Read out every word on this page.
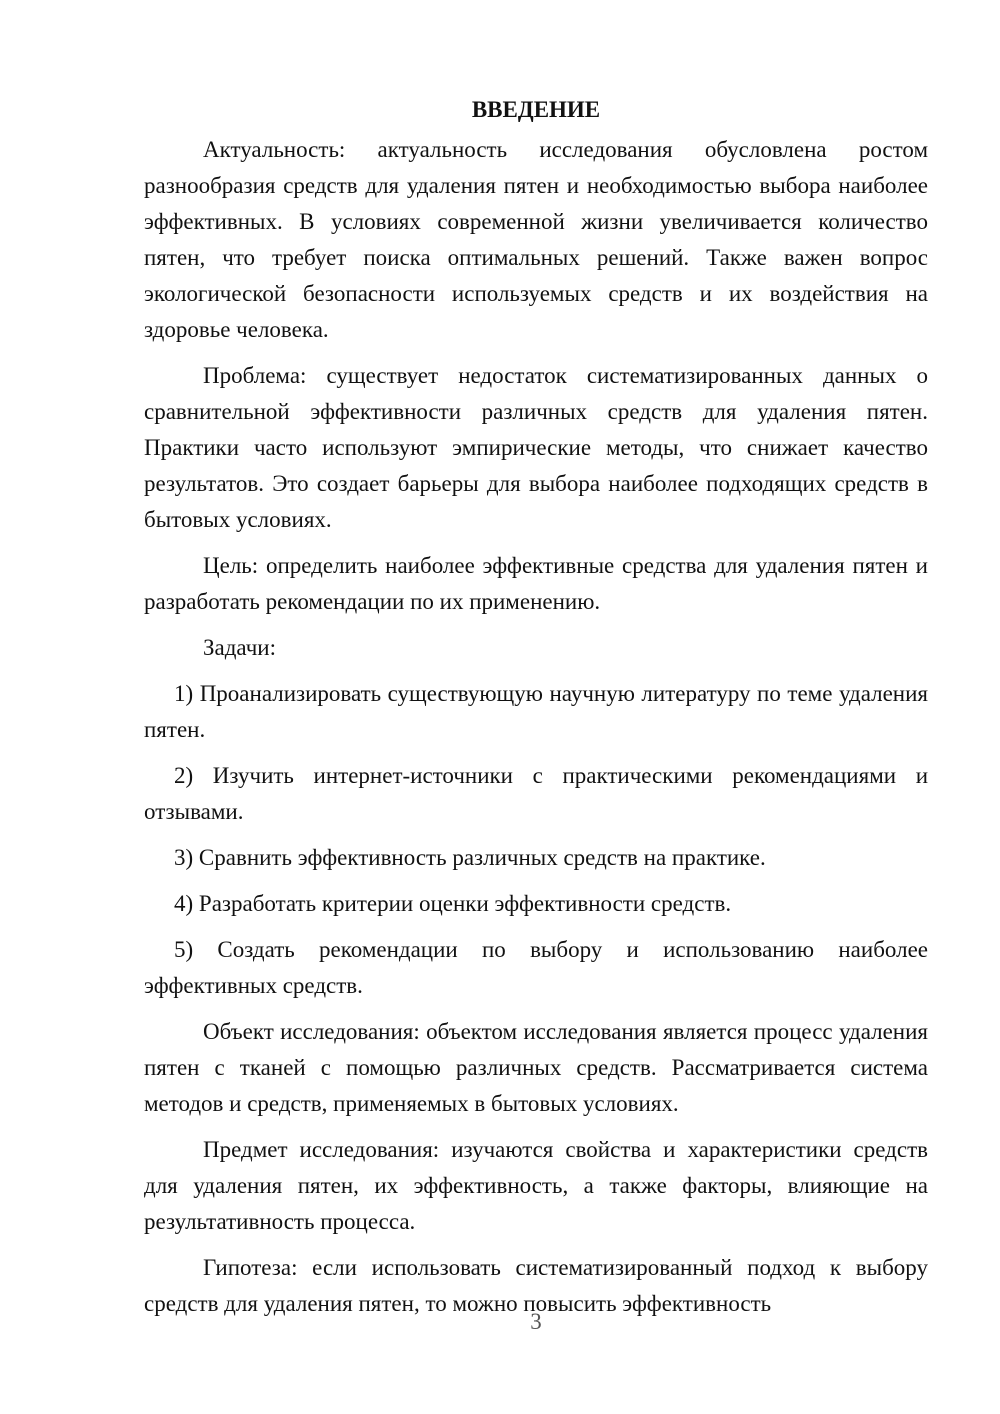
ВВЕДЕНИЕ

Актуальность: актуальность исследования обусловлена ростом разнообразия средств для удаления пятен и необходимостью выбора наиболее эффективных. В условиях современной жизни увеличивается количество пятен, что требует поиска оптимальных решений. Также важен вопрос экологической безопасности используемых средств и их воздействия на здоровье человека.

Проблема: существует недостаток систематизированных данных о сравнительной эффективности различных средств для удаления пятен. Практики часто используют эмпирические методы, что снижает качество результатов. Это создает барьеры для выбора наиболее подходящих средств в бытовых условиях.

Цель: определить наиболее эффективные средства для удаления пятен и разработать рекомендации по их применению.

Задачи:

1) Проанализировать существующую научную литературу по теме удаления пятен.

2) Изучить интернет-источники с практическими рекомендациями и отзывами.

3) Сравнить эффективность различных средств на практике.

4) Разработать критерии оценки эффективности средств.

5) Создать рекомендации по выбору и использованию наиболее эффективных средств.

Объект исследования: объектом исследования является процесс удаления пятен с тканей с помощью различных средств. Рассматривается система методов и средств, применяемых в бытовых условиях.

Предмет исследования: изучаются свойства и характеристики средств для удаления пятен, их эффективность, а также факторы, влияющие на результативность процесса.

Гипотеза: если использовать систематизированный подход к выбору средств для удаления пятен, то можно повысить эффективность

3
